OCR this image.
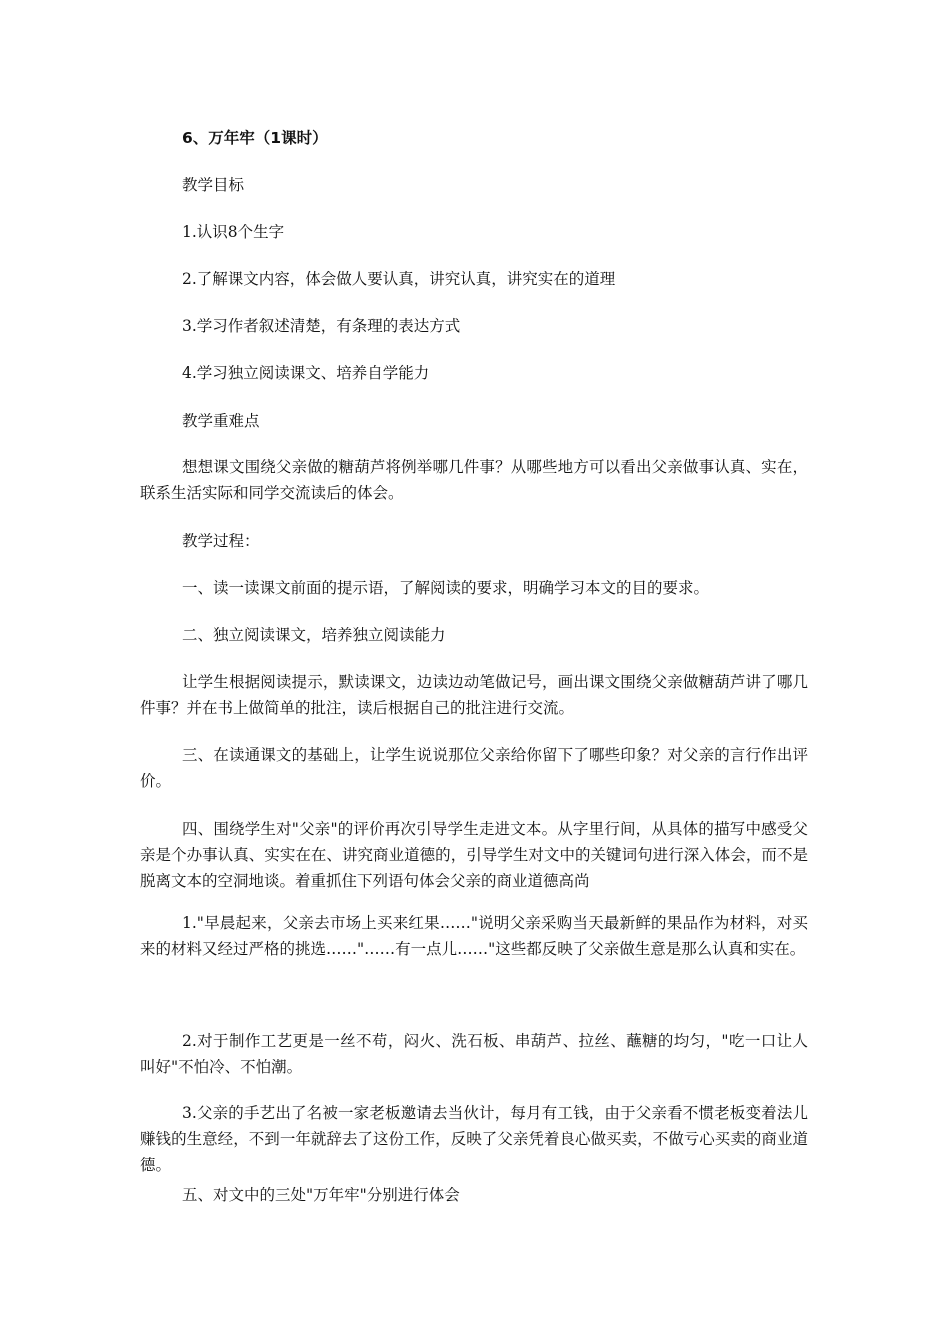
6、万年牢（1课时）
教学目标
1.认识8个生字
2.了解课文内容，体会做人要认真，讲究认真，讲究实在的道理
3.学习作者叙述清楚，有条理的表达方式
4.学习独立阅读课文、培养自学能力
教学重难点
想想课文围绕父亲做的糖葫芦将例举哪几件事？从哪些地方可以看出父亲做事认真、实在，联系生活实际和同学交流读后的体会。
教学过程：
一、读一读课文前面的提示语，了解阅读的要求，明确学习本文的目的要求。
二、独立阅读课文，培养独立阅读能力
让学生根据阅读提示，默读课文，边读边动笔做记号，画出课文围绕父亲做糖葫芦讲了哪几件事？并在书上做简单的批注，读后根据自己的批注进行交流。
三、在读通课文的基础上，让学生说说那位父亲给你留下了哪些印象？对父亲的言行作出评价。
四、围绕学生对"父亲"的评价再次引导学生走进文本。从字里行间，从具体的描写中感受父亲是个办事认真、实实在在、讲究商业道德的，引导学生对文中的关键词句进行深入体会，而不是脱离文本的空洞地谈。着重抓住下列语句体会父亲的商业道德高尚
1."早晨起来，父亲去市场上买来红果……"说明父亲采购当天最新鲜的果品作为材料，对买来的材料又经过严格的挑选……"……有一点儿……"这些都反映了父亲做生意是那么认真和实在。
2.对于制作工艺更是一丝不苟，闷火、洗石板、串葫芦、拉丝、蘸糖的均匀，"吃一口让人叫好"不怕冷、不怕潮。
3.父亲的手艺出了名被一家老板邀请去当伙计，每月有工钱，由于父亲看不惯老板变着法儿赚钱的生意经，不到一年就辞去了这份工作，反映了父亲凭着良心做买卖，不做亏心买卖的商业道德。
五、对文中的三处"万年牢"分别进行体会
